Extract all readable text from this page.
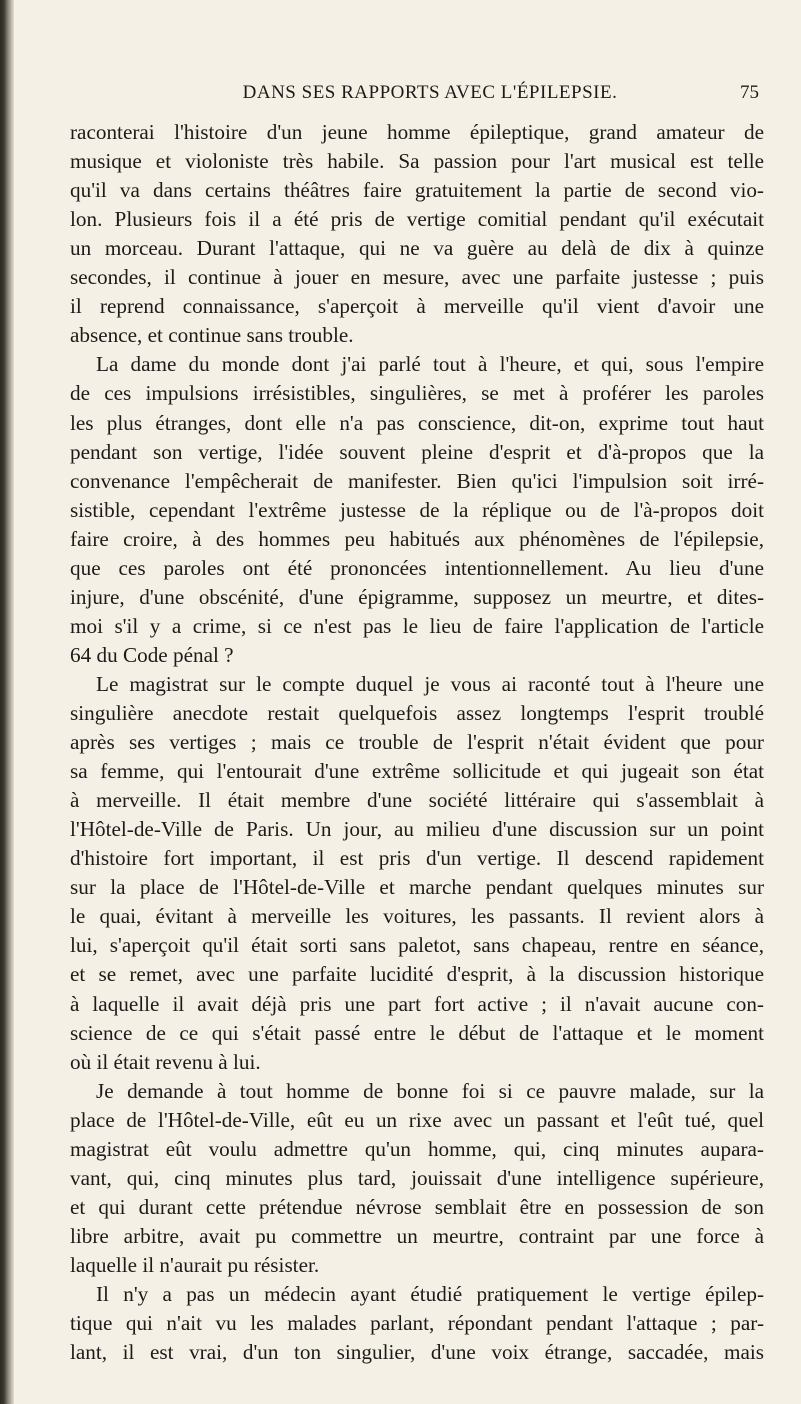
DANS SES RAPPORTS AVEC L'ÉPILEPSIE.	75
raconterai l'histoire d'un jeune homme épileptique, grand amateur de
musique et violoniste très habile. Sa passion pour l'art musical est telle
qu'il va dans certains théâtres faire gratuitement la partie de second vio-
lon. Plusieurs fois il a été pris de vertige comitial pendant qu'il exécutait
un morceau. Durant l'attaque, qui ne va guère au delà de dix à quinze
secondes, il continue à jouer en mesure, avec une parfaite justesse ; puis
il reprend connaissance, s'aperçoit à merveille qu'il vient d'avoir une
absence, et continue sans trouble.
La dame du monde dont j'ai parlé tout à l'heure, et qui, sous l'empire
de ces impulsions irrésistibles, singulières, se met à proférer les paroles
les plus étranges, dont elle n'a pas conscience, dit-on, exprime tout haut
pendant son vertige, l'idée souvent pleine d'esprit et d'à-propos que la
convenance l'empêcherait de manifester. Bien qu'ici l'impulsion soit irré-
sistible, cependant l'extrême justesse de la réplique ou de l'à-propos doit
faire croire, à des hommes peu habitués aux phénomènes de l'épilepsie,
que ces paroles ont été prononcées intentionnellement. Au lieu d'une
injure, d'une obscénité, d'une épigramme, supposez un meurtre, et dites-
moi s'il y a crime, si ce n'est pas le lieu de faire l'application de l'article
64 du Code pénal ?
Le magistrat sur le compte duquel je vous ai raconté tout à l'heure une
singulière anecdote restait quelquefois assez longtemps l'esprit troublé
après ses vertiges ; mais ce trouble de l'esprit n'était évident que pour
sa femme, qui l'entourait d'une extrême sollicitude et qui jugeait son état
à merveille. Il était membre d'une société littéraire qui s'assemblait à
l'Hôtel-de-Ville de Paris. Un jour, au milieu d'une discussion sur un point
d'histoire fort important, il est pris d'un vertige. Il descend rapidement
sur la place de l'Hôtel-de-Ville et marche pendant quelques minutes sur
le quai, évitant à merveille les voitures, les passants. Il revient alors à
lui, s'aperçoit qu'il était sorti sans paletot, sans chapeau, rentre en séance,
et se remet, avec une parfaite lucidité d'esprit, à la discussion historique
à laquelle il avait déjà pris une part fort active ; il n'avait aucune con-
science de ce qui s'était passé entre le début de l'attaque et le moment
où il était revenu à lui.
Je demande à tout homme de bonne foi si ce pauvre malade, sur la
place de l'Hôtel-de-Ville, eût eu un rixe avec un passant et l'eût tué, quel
magistrat eût voulu admettre qu'un homme, qui, cinq minutes aupara-
vant, qui, cinq minutes plus tard, jouissait d'une intelligence supérieure,
et qui durant cette prétendue névrose semblait être en possession de son
libre arbitre, avait pu commettre un meurtre, contraint par une force à
laquelle il n'aurait pu résister.
Il n'y a pas un médecin ayant étudié pratiquement le vertige épilep-
tique qui n'ait vu les malades parlant, répondant pendant l'attaque ; par-
lant, il est vrai, d'un ton singulier, d'une voix étrange, saccadée, mais
